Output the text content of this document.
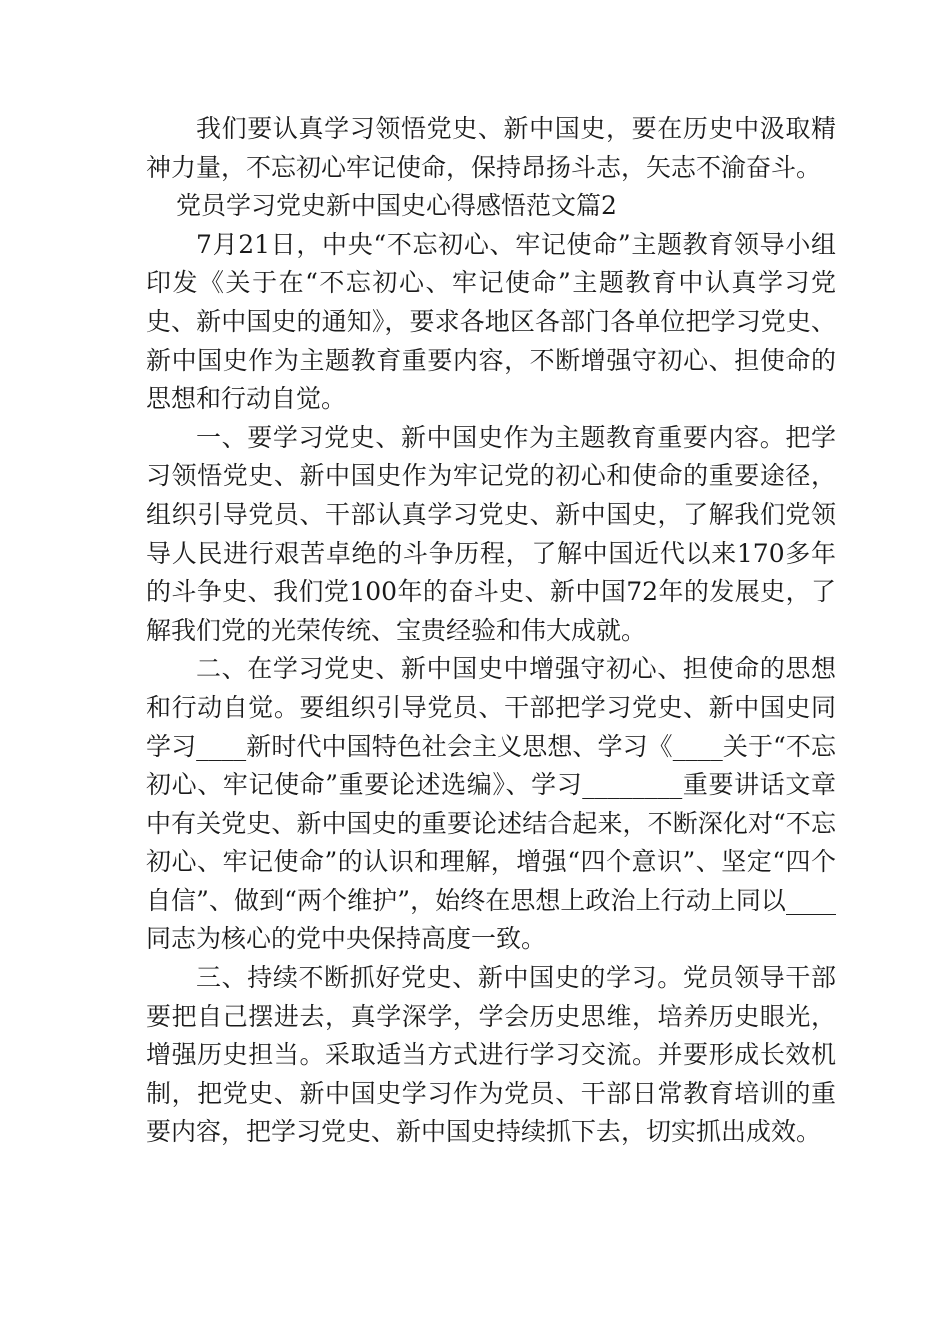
我们要认真学习领悟党史、新中国史，要在历史中汲取精神力量，不忘初心牢记使命，保持昂扬斗志，矢志不渝奋斗。

党员学习党史新中国史心得感悟范文篇2

7月21日，中央“不忘初心、牢记使命”主题教育领导小组印发《关于在“不忘初心、牢记使命”主题教育中认真学习党史、新中国史的通知》，要求各地区各部门各单位把学习党史、新中国史作为主题教育重要内容，不断增强守初心、担使命的思想和行动自觉。

一、要学习党史、新中国史作为主题教育重要内容。把学习领悟党史、新中国史作为牢记党的初心和使命的重要途径，组织引导党员、干部认真学习党史、新中国史，了解我们党领导人民进行艰苦卓绝的斗争历程，了解中国近代以来170多年的斗争史、我们党100年的奋斗史、新中国72年的发展史，了解我们党的光荣传统、宝贵经验和伟大成就。

二、在学习党史、新中国史中增强守初心、担使命的思想和行动自觉。要组织引导党员、干部把学习党史、新中国史同学习____新时代中国特色社会主义思想、学习《____关于“不忘初心、牢记使命”重要论述选编》、学习________重要讲话文章中有关党史、新中国史的重要论述结合起来，不断深化对“不忘初心、牢记使命”的认识和理解，增强“四个意识”、坚定“四个自信”、做到“两个维护”，始终在思想上政治上行动上同以____同志为核心的党中央保持高度一致。

三、持续不断抓好党史、新中国史的学习。党员领导干部要把自己摆进去，真学深学，学会历史思维，培养历史眼光，增强历史担当。采取适当方式进行学习交流。并要形成长效机制，把党史、新中国史学习作为党员、干部日常教育培训的重要内容，把学习党史、新中国史持续抓下去，切实抓出成效。
